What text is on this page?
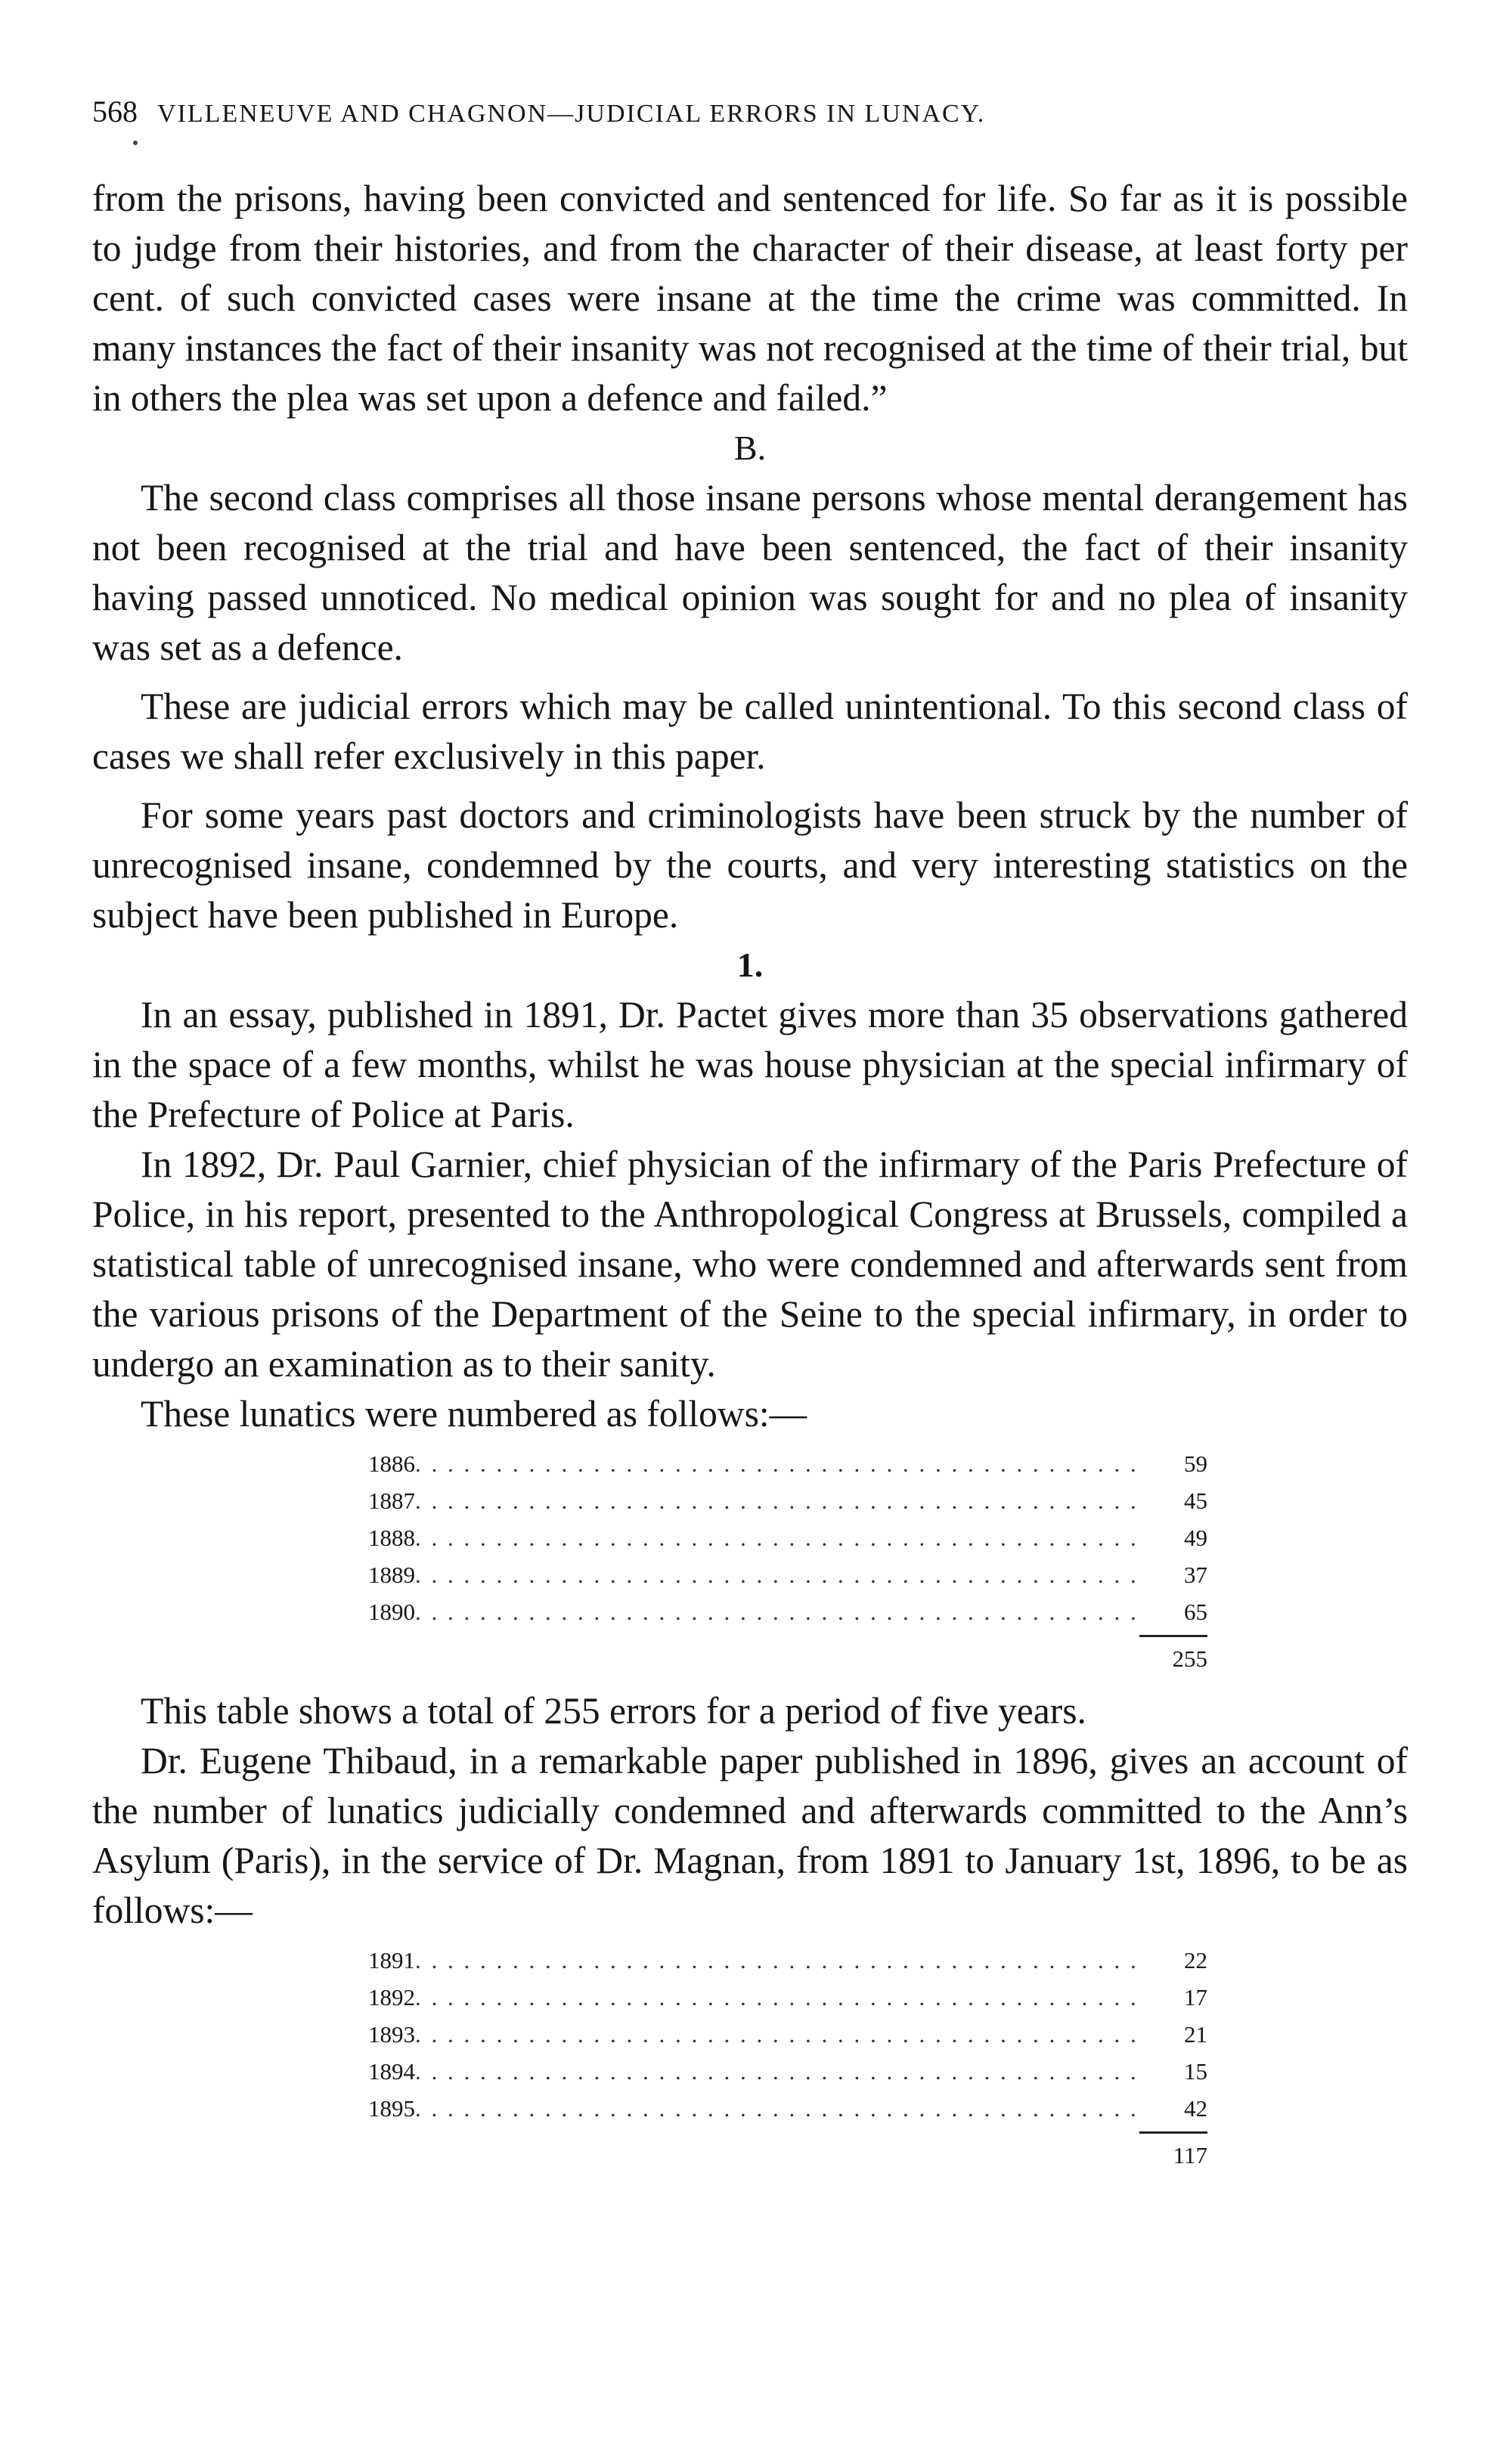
568 VILLENEUVE AND CHAGNON—JUDICIAL ERRORS IN LUNACY.

from the prisons, having been convicted and sentenced for life. So far as it is possible to judge from their histories, and from the character of their disease, at least forty per cent. of such convicted cases were insane at the time the crime was committed. In many instances the fact of their insanity was not recognised at the time of their trial, but in others the plea was set upon a defence and failed.”

B.

The second class comprises all those insane persons whose mental derangement has not been recognised at the trial and have been sentenced, the fact of their insanity having passed unnoticed. No medical opinion was sought for and no plea of insanity was set as a defence.

These are judicial errors which may be called unintentional. To this second class of cases we shall refer exclusively in this paper.

For some years past doctors and criminologists have been struck by the number of unrecognised insane, condemned by the courts, and very interesting statistics on the subject have been published in Europe.

1.

In an essay, published in 1891, Dr. Pactet gives more than 35 observations gathered in the space of a few months, whilst he was house physician at the special infirmary of the Prefecture of Police at Paris.

In 1892, Dr. Paul Garnier, chief physician of the infirmary of the Paris Prefecture of Police, in his report, presented to the Anthropological Congress at Brussels, compiled a statistical table of unrecognised insane, who were condemned and afterwards sent from the various prisons of the Department of the Seine to the special infirmary, in order to undergo an examination as to their sanity.

These lunatics were numbered as follows:—

1886 . . .	59
1887 . . .	45
1888 . . .	49
1889 . . .	37
1890 . . .	65
255

This table shows a total of 255 errors for a period of five years.

Dr. Eugene Thibaud, in a remarkable paper published in 1896, gives an account of the number of lunatics judicially condemned and afterwards committed to the Ann’s Asylum (Paris), in the service of Dr. Magnan, from 1891 to January 1st, 1896, to be as follows:—

1891 . . .	22
1892 . . .	17
1893 . . .	21
1894 . . .	15
1895 . . .	42
117
